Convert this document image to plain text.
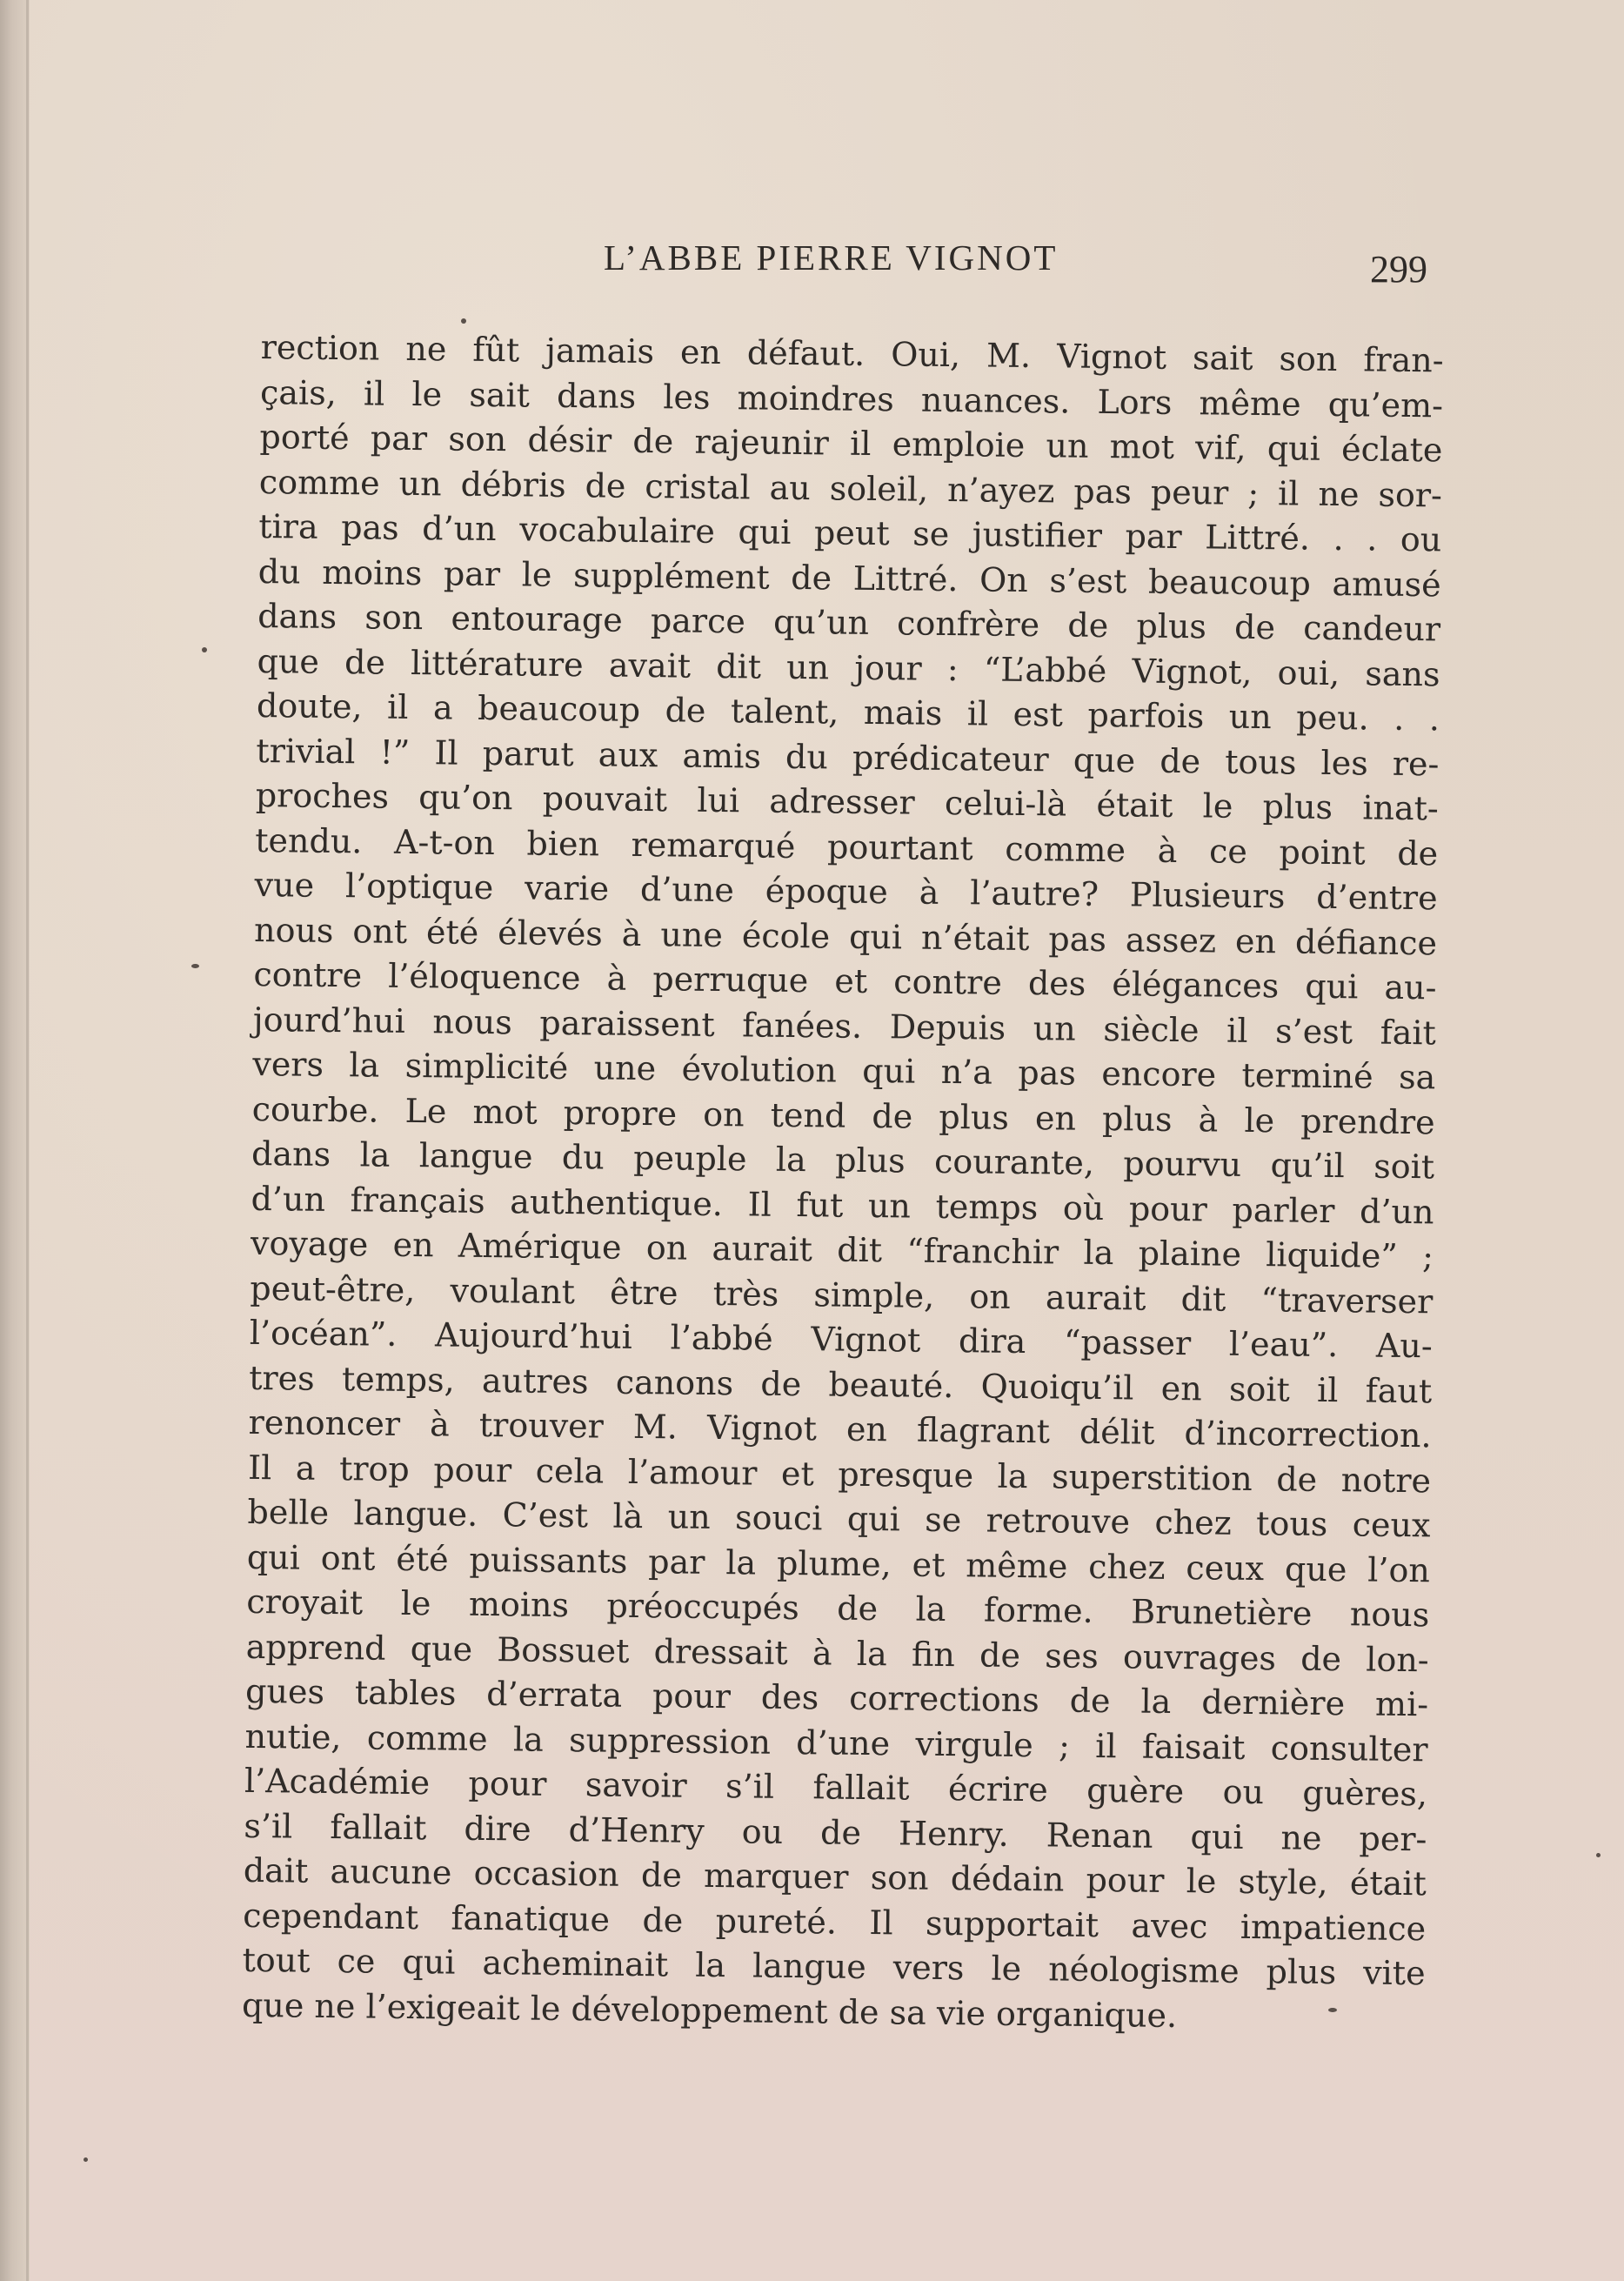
L’ABBE PIERRE VIGNOT	299
rection ne fût jamais en défaut. Oui, M. Vignot sait son fran-
çais, il le sait dans les moindres nuances. Lors même qu’em-
porté par son désir de rajeunir il emploie un mot vif, qui éclate
comme un débris de cristal au soleil, n’ayez pas peur ; il ne sor-
tira pas d’un vocabulaire qui peut se justifier par Littré. . . ou
du moins par le supplément de Littré. On s’est beaucoup amusé
dans son entourage parce qu’un confrère de plus de candeur
que de littérature avait dit un jour : “L’abbé Vignot, oui, sans
doute, il a beaucoup de talent, mais il est parfois un peu. . .
trivial !” Il parut aux amis du prédicateur que de tous les re-
proches qu’on pouvait lui adresser celui-là était le plus inat-
tendu. A-t-on bien remarqué pourtant comme à ce point de
vue l’optique varie d’une époque à l’autre? Plusieurs d’entre
nous ont été élevés à une école qui n’était pas assez en défiance
contre l’éloquence à perruque et contre des élégances qui au-
jourd’hui nous paraissent fanées. Depuis un siècle il s’est fait
vers la simplicité une évolution qui n’a pas encore terminé sa
courbe. Le mot propre on tend de plus en plus à le prendre
dans la langue du peuple la plus courante, pourvu qu’il soit
d’un français authentique. Il fut un temps où pour parler d’un
voyage en Amérique on aurait dit “franchir la plaine liquide” ;
peut-être, voulant être très simple, on aurait dit “traverser
l’océan”. Aujourd’hui l’abbé Vignot dira “passer l’eau”. Au-
tres temps, autres canons de beauté. Quoiqu’il en soit il faut
renoncer à trouver M. Vignot en flagrant délit d’incorrection.
Il a trop pour cela l’amour et presque la superstition de notre
belle langue. C’est là un souci qui se retrouve chez tous ceux
qui ont été puissants par la plume, et même chez ceux que l’on
croyait le moins préoccupés de la forme. Brunetière nous
apprend que Bossuet dressait à la fin de ses ouvrages de lon-
gues tables d’errata pour des corrections de la dernière mi-
nutie, comme la suppression d’une virgule ; il faisait consulter
l’Académie pour savoir s’il fallait écrire guère ou guères,
s’il fallait dire d’Henry ou de Henry. Renan qui ne per-
dait aucune occasion de marquer son dédain pour le style, était
cependant fanatique de pureté. Il supportait avec impatience
tout ce qui acheminait la langue vers le néologisme plus vite
que ne l’exigeait le développement de sa vie organique.
